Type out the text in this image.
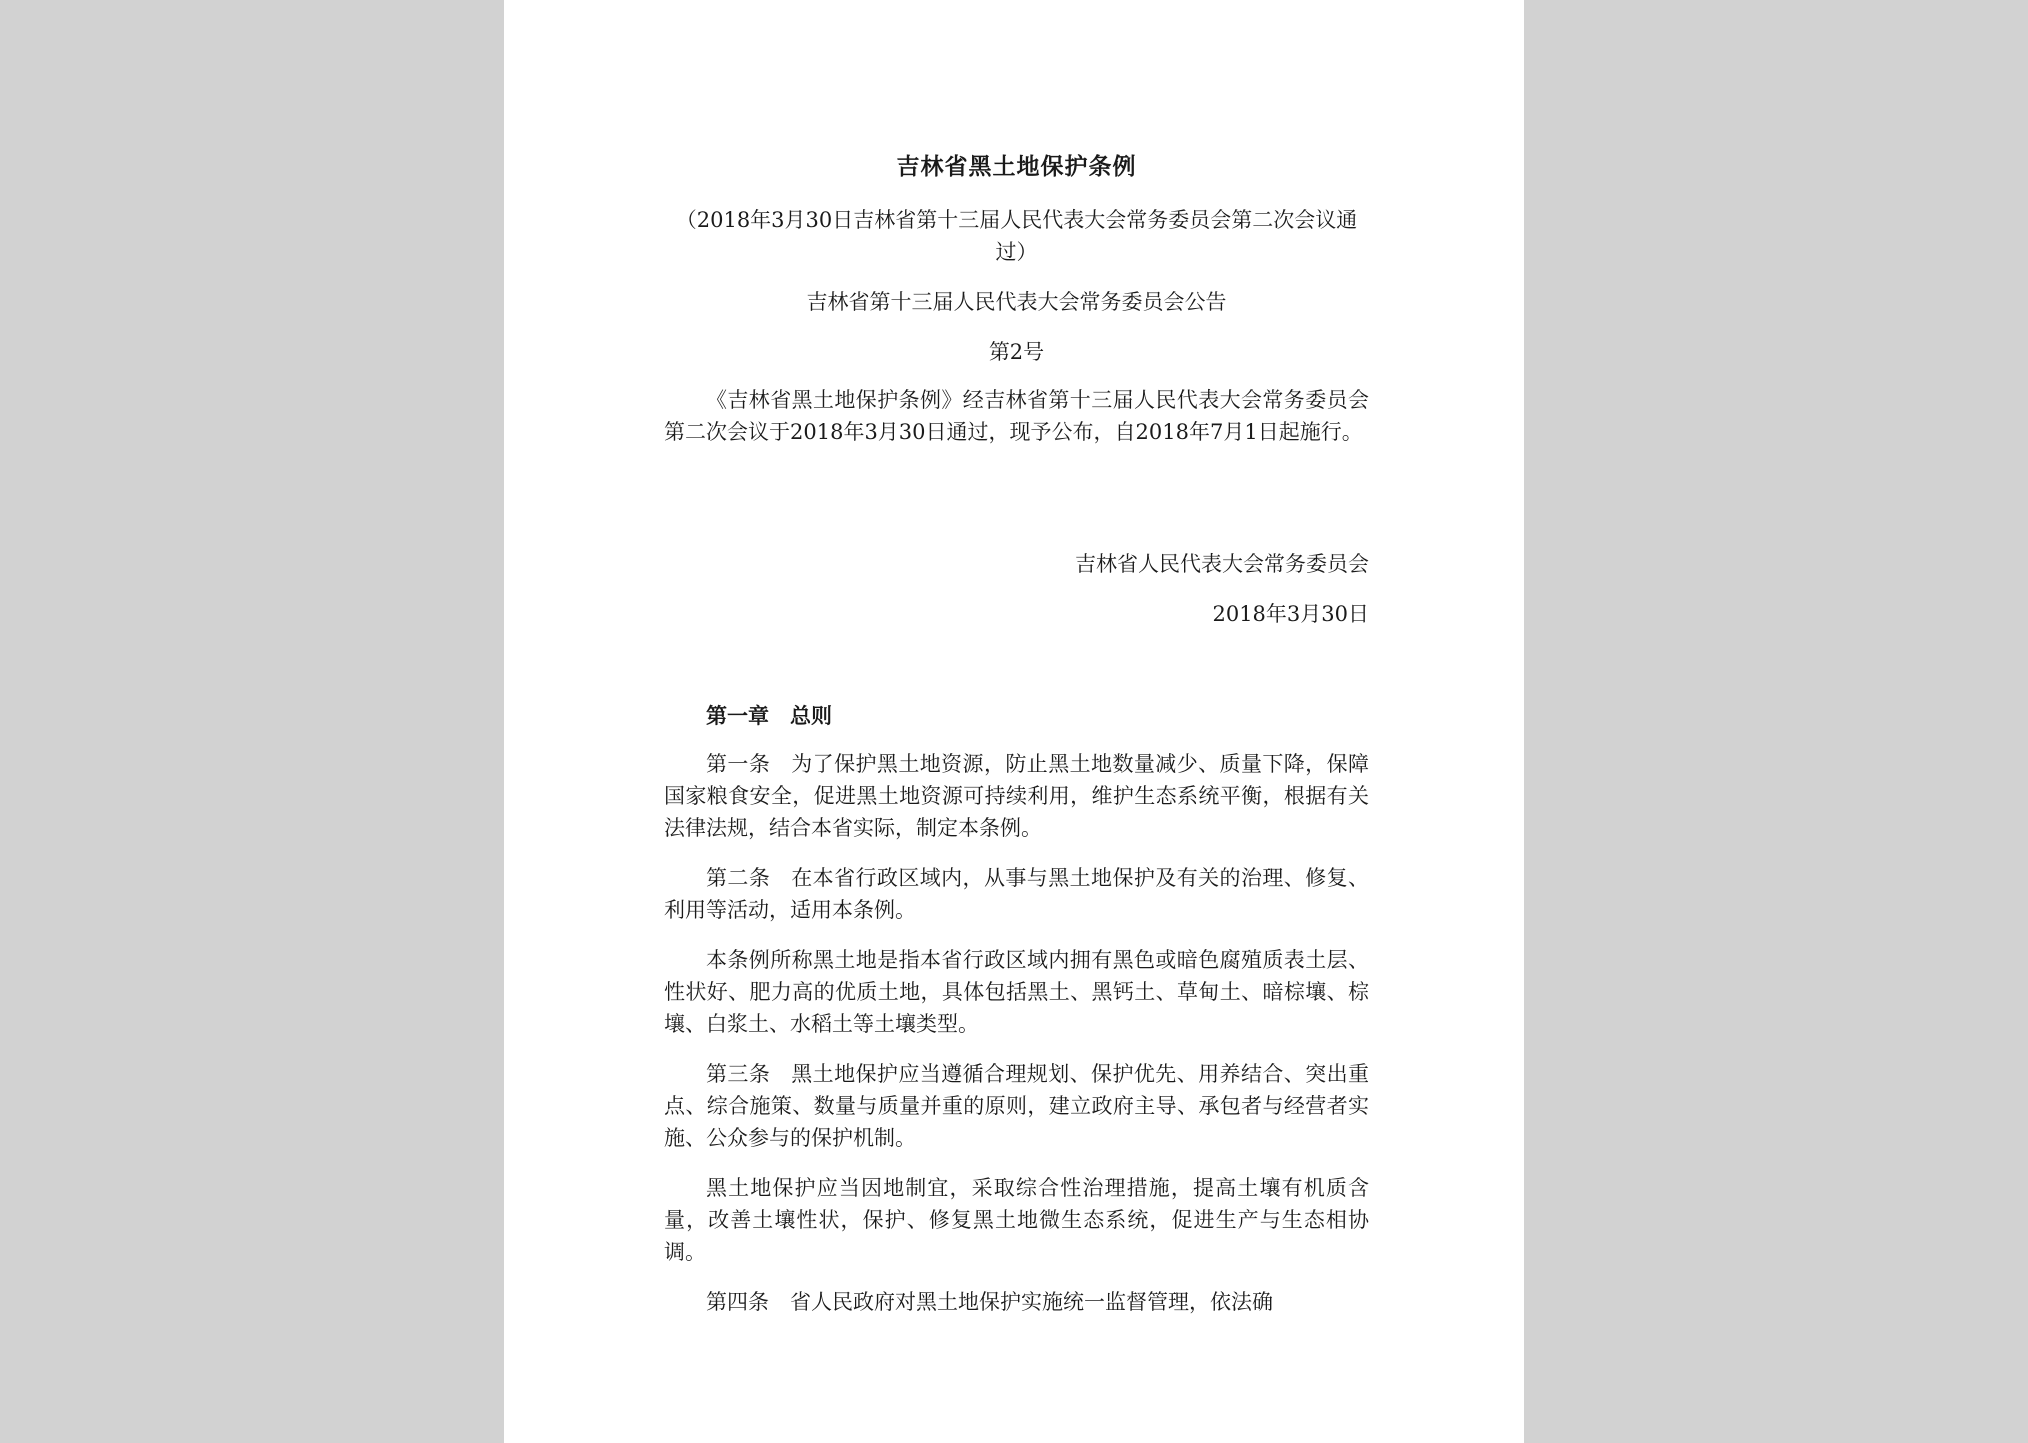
吉林省黑土地保护条例
（2018年3月30日吉林省第十三届人民代表大会常务委员会第二次会议通过）
吉林省第十三届人民代表大会常务委员会公告
第2号

《吉林省黑土地保护条例》经吉林省第十三届人民代表大会常务委员会第二次会议于2018年3月30日通过，现予公布，自2018年7月1日起施行。

吉林省人民代表大会常务委员会
2018年3月30日
第一章　总则

第一条 为了保护黑土地资源，防止黑土地数量减少、质量下降，保障国家粮食安全，促进黑土地资源可持续利用，维护生态系统平衡，根据有关法律法规，结合本省实际，制定本条例。

第二条 在本省行政区域内，从事与黑土地保护及有关的治理、修复、利用等活动，适用本条例。

本条例所称黑土地是指本省行政区域内拥有黑色或暗色腐殖质表土层、性状好、肥力高的优质土地，具体包括黑土、黑钙土、草甸土、暗棕壤、棕壤、白浆土、水稻土等土壤类型。

第三条 黑土地保护应当遵循合理规划、保护优先、用养结合、突出重点、综合施策、数量与质量并重的原则，建立政府主导、承包者与经营者实施、公众参与的保护机制。

黑土地保护应当因地制宜，采取综合性治理措施，提高土壤有机质含量，改善土壤性状，保护、修复黑土地微生态系统，促进生产与生态相协调。

第四条 省人民政府对黑土地保护实施统一监督管理，依法确
